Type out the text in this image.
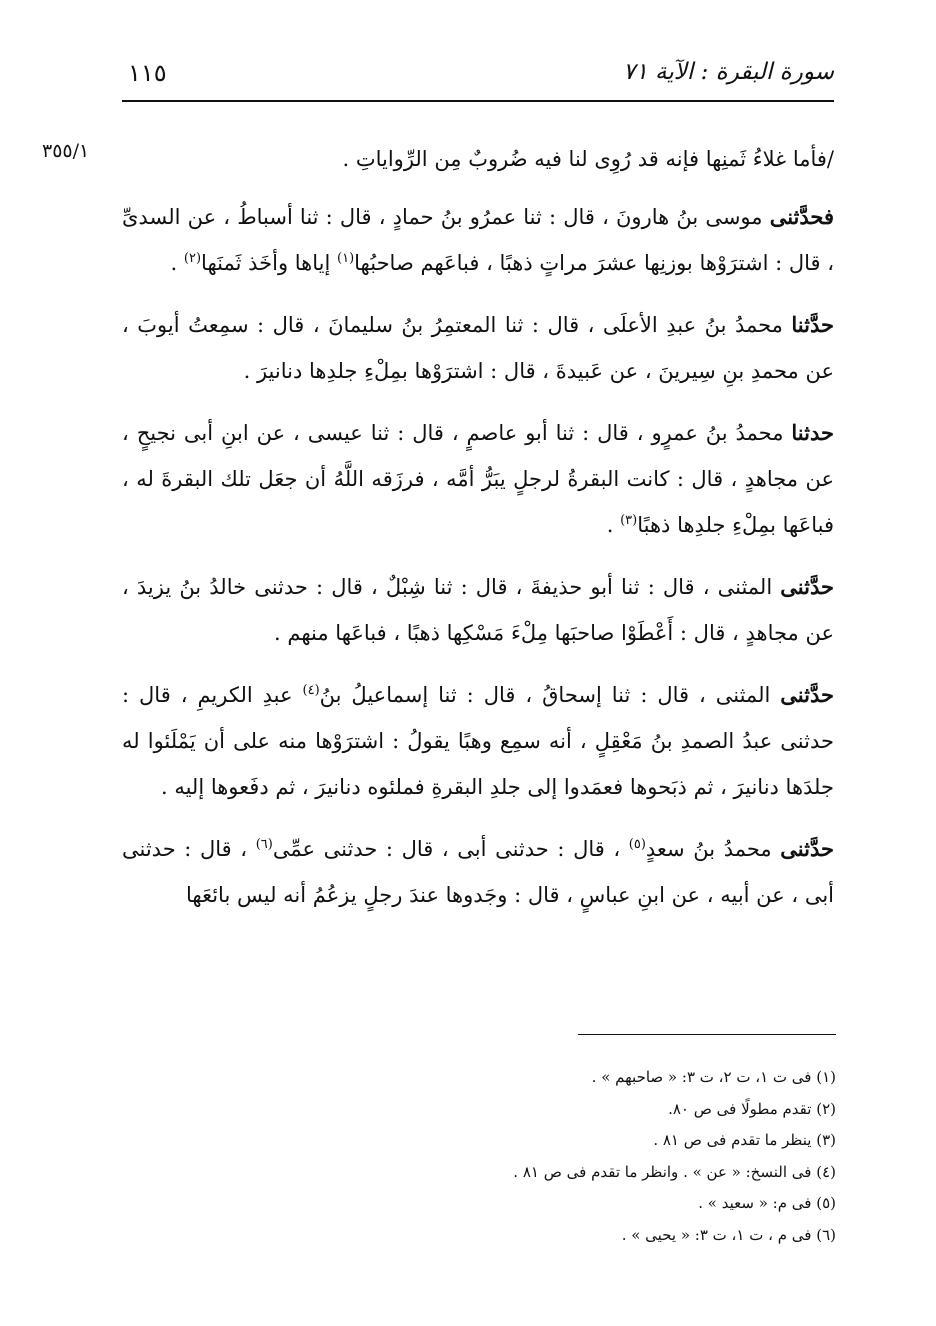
١١٥	سورة البقرة : الآية ٧١
٣٥٥/١	/فأما غلاءُ ثَمنِها فإنه قد رُوِى لنا فيه ضُروبٌ مِن الرِّواياتِ .

فحدَّثنى موسى بنُ هارونَ ، قال : ثنا عمرُو بنُ حمادٍ ، قال : ثنا أسباطُ ، عن السدىِّ ، قال : اشترَوْها بوزنِها عشرَ مراتٍ ذهبًا ، فباعَهم صاحبُها$^{(١)}$ إياها وأخَذ ثَمنَها$^{(٢)}$ .

حدَّثنا محمدُ بنُ عبدِ الأعلَى ، قال : ثنا المعتمِرُ بنُ سليمانَ ، قال : سمِعتُ أيوبَ ، عن محمدِ بنِ سِيرينَ ، عن عَبيدةَ ، قال : اشترَوْها بمِلْءِ جلدِها دنانيرَ .

حدثنا محمدُ بنُ عمرٍو ، قال : ثنا أبو عاصمٍ ، قال : ثنا عيسى ، عن ابنِ أبى نجيحٍ ، عن مجاهدٍ ، قال : كانت البقرةُ لرجلٍ يبَرُّ أمَّه ، فرزَقه اللَّهُ أن جعَل تلك البقرةَ له ، فباعَها بمِلْءِ جلدِها ذهبًا$^{(٣)}$ .

حدَّثنى المثنى ، قال : ثنا أبو حذيفةَ ، قال : ثنا شِبْلٌ ، قال : حدثنى خالدُ بنُ يزيدَ ، عن مجاهدٍ ، قال : أَعْطَوْا صاحبَها مِلْءَ مَسْكِها ذهبًا ، فباعَها منهم .

حدَّثنى المثنى ، قال : ثنا إسحاقُ ، قال : ثنا إسماعيلُ بنُ$^{(٤)}$ عبدِ الكريمِ ، قال : حدثنى عبدُ الصمدِ بنُ مَعْقِلٍ ، أنه سمِع وهبًا يقولُ : اشترَوْها منه على أن يَمْلَئوا له جلدَها دنانيرَ ، ثم ذبَحوها فعمَدوا إلى جلدِ البقرةِ فملئوه دنانيرَ ، ثم دفَعوها إليه .

حدَّثنى محمدُ بنُ سعدٍ$^{(٥)}$ ، قال : حدثنى أبى ، قال : حدثنى عمِّى$^{(٦)}$ ، قال : حدثنى أبى ، عن أبيه ، عن ابنِ عباسٍ ، قال : وجَدوها عندَ رجلٍ يزعُمُ أنه ليس بائعَها

(١) فى ت ١، ت ٢، ت ٣: « صاحبهم » .
(٢) تقدم مطولًا فى ص ٨٠.
(٣) ينظر ما تقدم فى ص ٨١ .
(٤) فى النسخ: « عن » . وانظر ما تقدم فى ص ٨١ .
(٥) فى م: « سعيد » .
(٦) فى م ، ت ١، ت ٣: « يحيى » .
